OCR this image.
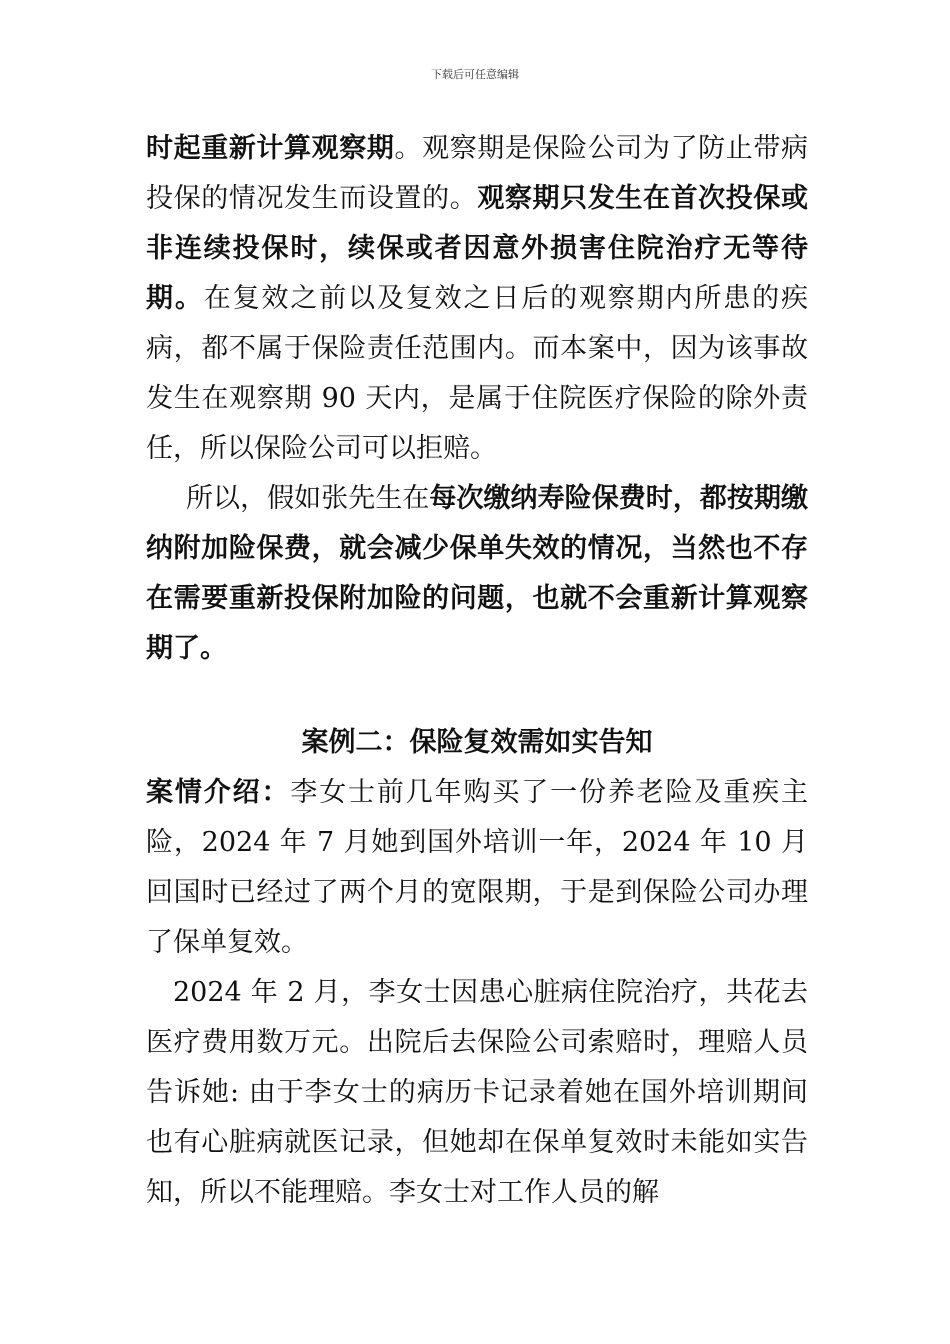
下载后可任意编辑

时起重新计算观察期。观察期是保险公司为了防止带病投保的情况发生而设置的。观察期只发生在首次投保或非连续投保时，续保或者因意外损害住院治疗无等待期。在复效之前以及复效之日后的观察期内所患的疾病，都不属于保险责任范围内。而本案中，因为该事故发生在观察期 90 天内，是属于住院医疗保险的除外责任，所以保险公司可以拒赔。

所以，假如张先生在每次缴纳寿险保费时，都按期缴纳附加险保费，就会减少保单失效的情况，当然也不存在需要重新投保附加险的问题，也就不会重新计算观察期了。

案例二：保险复效需如实告知

案情介绍：李女士前几年购买了一份养老险及重疾主险，2024 年 7 月她到国外培训一年，2024 年 10 月回国时已经过了两个月的宽限期，于是到保险公司办理了保单复效。

2024 年 2 月，李女士因患心脏病住院治疗，共花去医疗费用数万元。出院后去保险公司索赔时，理赔人员告诉她: 由于李女士的病历卡记录着她在国外培训期间也有心脏病就医记录，但她却在保单复效时未能如实告知，所以不能理赔。李女士对工作人员的解
